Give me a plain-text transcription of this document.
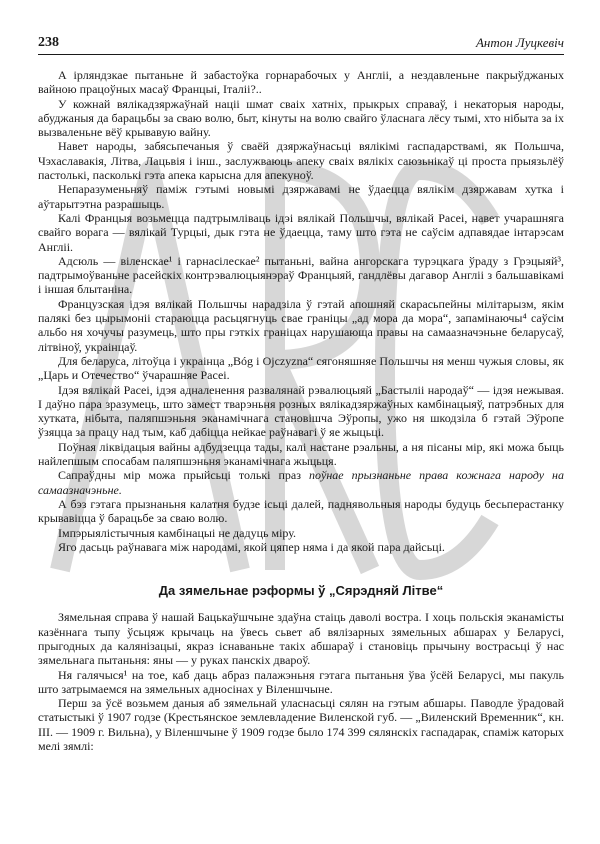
238	Антон Луцкевіч

А ірляндзкае пытаньне й забастоўка горнарабочых у Англіі, а нездавленьне пакрыўджаных вайною працоўных масаў Францыі, Італіі?..

У кожнай вялікадзяржаўнай націі шмат сваіх хатніх, прыкрых справаў, і некаторыя народы, абуджаныя да барацьбы за сваю волю, быт, кінуты на волю свайго ўласнага лёсу тымі, хто нібыта за іх вызваленьне вёў крывавую вайну.

Навет народы, забясьпечаныя ў сваёй дзяржаўнасьці вялікімі гаспадарствамі, як Польшча, Чэхаславакія, Літва, Лацьвія і інш., заслужваюць апеку сваіх вялікіх саюзьнікаў ці проста прыязьлёў пастолькі, пасколькі гэта апека карысна для апекуноў.

Непаразуменьняў паміж гэтымі новымі дзяржавамі не ўдаецца вялікім дзяржавам хутка і аўтарытэтна разрашыць.

Калі Францыя возьмецца падтрымліваць ідэі вялікай Польшчы, вялікай Расеі, навет учарашняга свайго ворага — вялікай Турцыі, дык гэта не ўдаецца, таму што гэта не саўсім адпавядае інтарэсам Англіі.

Адсюль — віленскае¹ і гарнасілескае² пытаньні, вайна ангорскага турэцкага ўраду з Грэцыяй³, падтрымоўваньне расейскіх контрэвалюцыянэраў Францыяй, гандлёвы дагавор Англіі з бальшавікамі і іншая блытаніна.

Французская ідэя вялікай Польшчы нарадзіла ў гэтай апошняй скарасьпейны мілітарызм, якім палякі без цырымоніі стараюцца расьцягнуць свае граніцы „ад мора да мора“, запамінаючы⁴ саўсім альбо ня хочучы разумець, што пры гэткіх граніцах нарушающа правы на самаазначэньне беларусаў, літвіноў, украінцаў.

Для беларуса, літоўца і украінца „Bóg i Ojczyzna“ сягоняшняе Польшчы ня менш чужыя словы, як „Царь и Отечество“ ўчарашняе Расеі.

Ідэя вялікай Расеі, ідэя адналенення развалянай рэвалюцыяй „Бастыліі народаў“ — ідэя нежывая. І даўно пара зразумець, што замест тварэньня розных вялікадзяржаўных камбінацыяў, патрэбных для хутката, нібыта, паляпшэньня эканамічнага становішча Эўропы, ужо ня шкодзіла б гэтай Эўропе ўзяцца за працу над тым, каб дабіцца нейкае раўнавагі ў яе жыцьці.

Поўная ліквідацыя вайны адбудзецца тады, калі настане рэальны, а ня пісаны мір, які можа быць найлепшым спосабам паляпшэньня эканамічнага жыцьця.

Сапраўдны мір можа прыйсьці толькі праз пoўнае прызнаньне права кожнага народу на самаазначэньне.

А бэз гэтага прызнаньня калатня будзе ісьці далей, паднявольныя народы будуць бесьперастанку крывавіцца ў барацьбе за сваю волю.

Імпэрыялістычныя камбінацыі не дадуць міру.

Яго дасьць раўнавага між народамі, якой цяпер няма і да якой пара дайсьці.

Да зямельнае рэформы ў „Сярэдняй Літве“

Зямельная справа ў нашай Бацькаўшчыне здаўна стаіць даволі востра. І хоць польскія эканамісты казённага тыпу ўсьцяж крычаць на ўвесь сьвет аб вялізарных зямельных абшарах у Беларусі, прыгодных да калянізацыі, якраз існаваньне такіх абшараў і становіць прычыну вострасьці ў нас зямельнага пытаньня: яны — у руках панскіх двароў.

Ня галячыся¹ на тое, каб даць абраз палажэньня гэтага пытаньня ўва ўсёй Беларусі, мы пакуль што затрымаемся на зямельных адносінах у Віленшчыне.

Перш за ўсё возьмем даныя аб зямельнай уласнасьці сялян на гэтым абшары. Паводле ўрадовай статыстыкі ў 1907 годзе (Крестьянское землевладение Виленской губ. — „Виленский Временник“, кн. III. — 1909 г. Вильна), у Віленшчыне ў 1909 годзе было 174 399 сялянскіх гаспадарак, спаміж каторых мелі зямлі:
